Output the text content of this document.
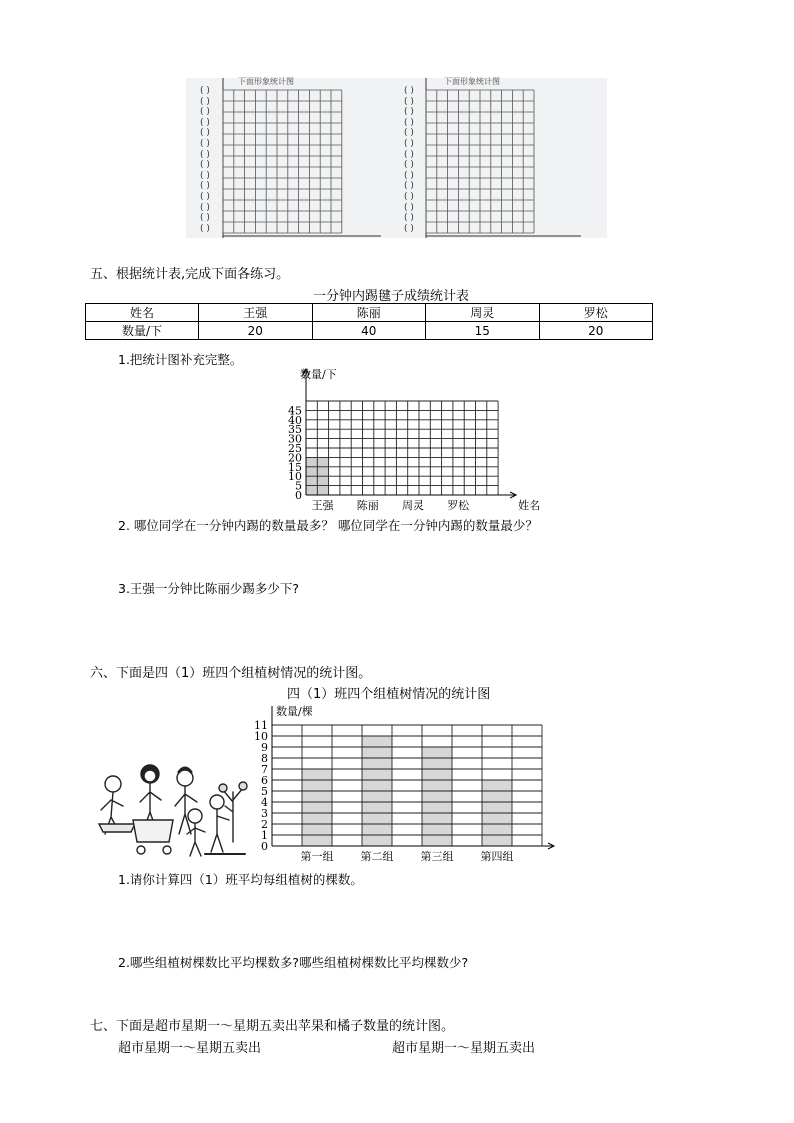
下面形象统计图	下面形象统计图
( )
( )
( )
( )
( )
( )
( )
( )
( )
( )
( )
( )
( )
( )
( )
( )
( )
( )
( )
( )
( )
( )
( )
( )
( )
( )
( )
( )
五、根据统计表,完成下面各练习。
一分钟内踢毽子成绩统计表
姓名	王强	陈丽	周灵	罗松
数量/下	20	40	15	20
1.把统计图补充完整。
0
5
10
15
20
25
30
35
40
45
数量/下
王强 陈丽 周灵 罗松	姓名
2. 哪位同学在一分钟内踢的数量最多？ 哪位同学在一分钟内踢的数量最少？
3.王强一分钟比陈丽少踢多少下?
六、下面是四（1）班四个组植树情况的统计图。
四（1）班四个组植树情况的统计图
0
1
2
3
4
5
6
7
8
9
10
11
数量/棵
第一组 第二组 第三组 第四组
1.请你计算四（1）班平均每组植树的棵数。
2.哪些组植树棵数比平均棵数多?哪些组植树棵数比平均棵数少?
七、下面是超市星期一～星期五卖出苹果和橘子数量的统计图。
超市星期一～星期五卖出	超市星期一～星期五卖出
